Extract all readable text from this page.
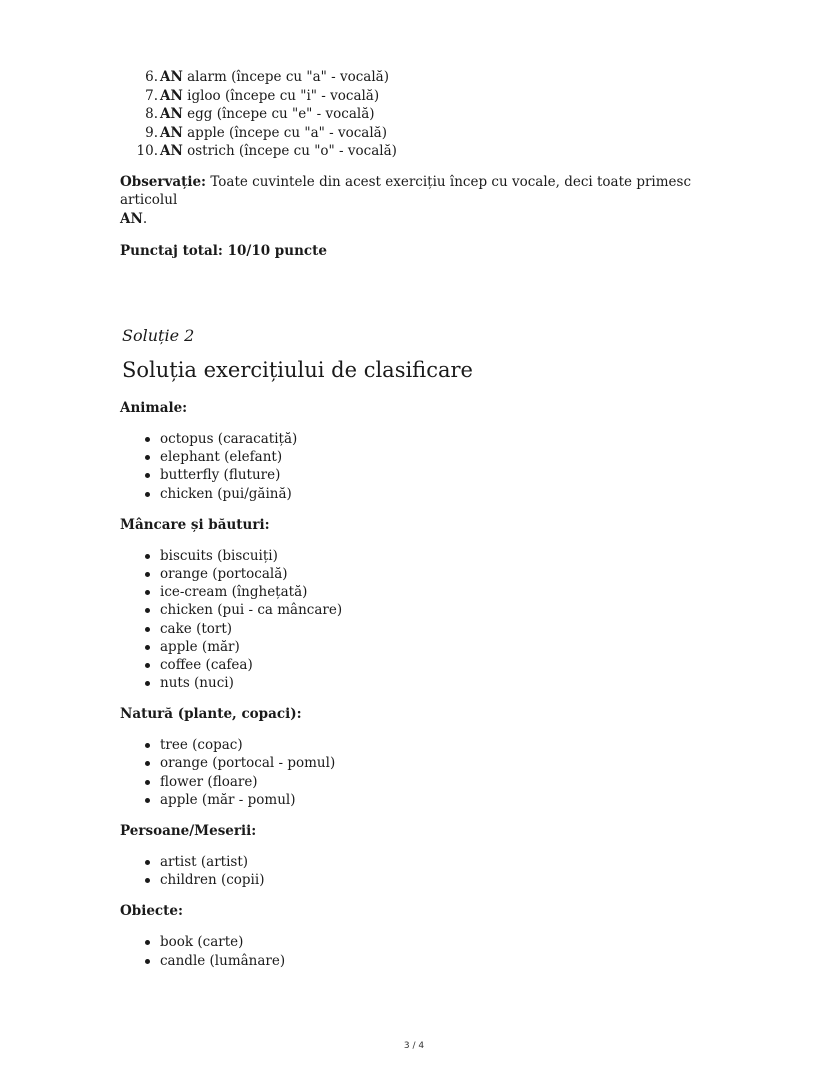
6. AN alarm (începe cu "a" - vocală)
7. AN igloo (începe cu "i" - vocală)
8. AN egg (începe cu "e" - vocală)
9. AN apple (începe cu "a" - vocală)
10. AN ostrich (începe cu "o" - vocală)

Observație: Toate cuvintele din acest exercițiu încep cu vocale, deci toate primesc articolul
AN.

Punctaj total: 10/10 puncte

Soluție 2
Soluția exercițiului de clasificare

Animale:

octopus (caracatiță)
elephant (elefant)
butterfly (fluture)
chicken (pui/găină)

Mâncare și băuturi:

biscuits (biscuiți)
orange (portocală)
ice-cream (înghețată)
chicken (pui - ca mâncare)
cake (tort)
apple (măr)
coffee (cafea)
nuts (nuci)

Natură (plante, copaci):

tree (copac)
orange (portocal - pomul)
flower (floare)
apple (măr - pomul)

Persoane/Meserii:

artist (artist)
children (copii)

Obiecte:

book (carte)
candle (lumânare)
3 / 4
